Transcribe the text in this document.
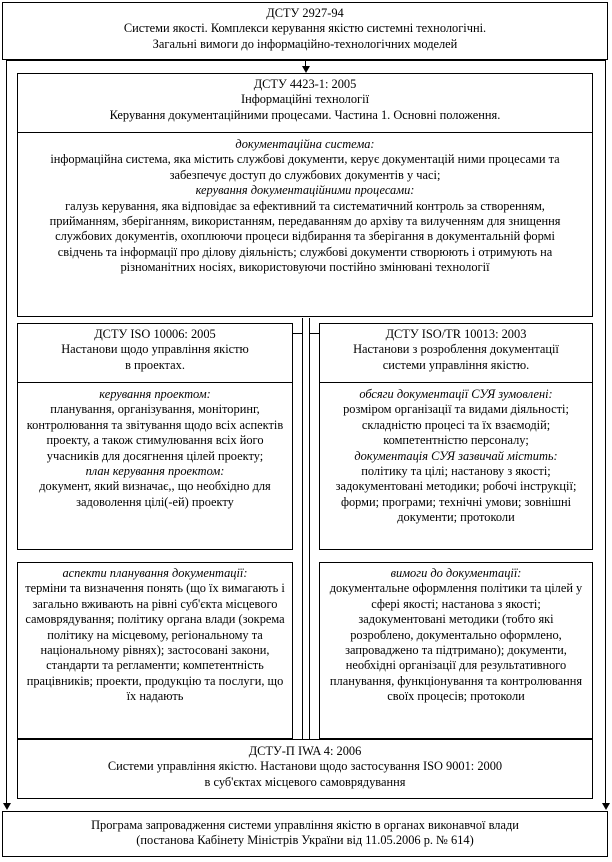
ДСТУ 2927-94

Системи якості. Комплекси керування якістю системні технологічні.

Загальні вимоги до інформаційно-технологічних моделей

ДСТУ 4423-1: 2005

Інформаційні технології

Керування документаційними процесами. Частина 1. Основні положення.

документаційна система:

інформаційна система, яка містить службові документи, керує документацій ними процесами та забезпечує доступ до службових документів у часі;

керування документаційними процесами:

галузь керування, яка відповідає за ефективний та систематичний контроль за створенням, прийманням, зберіганням, використанням, передаванням до архіву та вилученням для знищення службових документів, охоплюючи процеси відбирання та зберігання в документальній формі свідчень та інформації про ділову діяльність; службові документи створюють і отримують на різноманітних носіях, використовуючи постійно змінювані технології

ДСТУ ISO 10006: 2005

Настанови щодо управління якістю

в проектах.

керування проектом:

планування, організування, моніторинг, контролювання та звітування щодо всіх аспектів проекту, а також стимулювання всіх його учасників для досягнення цілей проекту;

план керування проектом:

документ, який визначає,, що необхідно для задоволення цілі(-ей) проекту

ДСТУ ISO/TR 10013: 2003

Настанови з розроблення документації

системи управління якістю.

обсяги документації СУЯ зумовлені:

розміром організації та видами діяльності; складністю процесі та їх взаємодій; компетентністю персоналу;

документація СУЯ зазвичай містить:

політику та цілі; настанову з якості; задокументовані методики; робочі інструкції; форми; програми; технічні умови; зовнішні документи; протоколи

аспекти планування документації:

терміни та визначення понять (що їх вимагають і загально вживають на рівні суб'єкта місцевого самоврядування; політику органа влади (зокрема політику на місцевому, регіональному та національному рівнях); застосовані закони, стандарти та регламенти; компетентність працівників; проекти, продукцію та послуги, що їх надають

вимоги до документації:

документальне оформлення політики та цілей у сфері якості; настанова з якості; задокументовані методики (тобто які розроблено, документально оформлено, запроваджено та підтримано); документи, необхідні організації для результативного планування, функціонування та контролювання своїх процесів; протоколи

ДСТУ-П IWA 4: 2006

Системи управління якістю. Настанови щодо застосування ISO 9001: 2000

в суб'єктах місцевого самоврядування

Програма запровадження системи управління якістю в органах виконавчої влади

(постанова Кабінету Міністрів України від 11.05.2006 р. № 614)
